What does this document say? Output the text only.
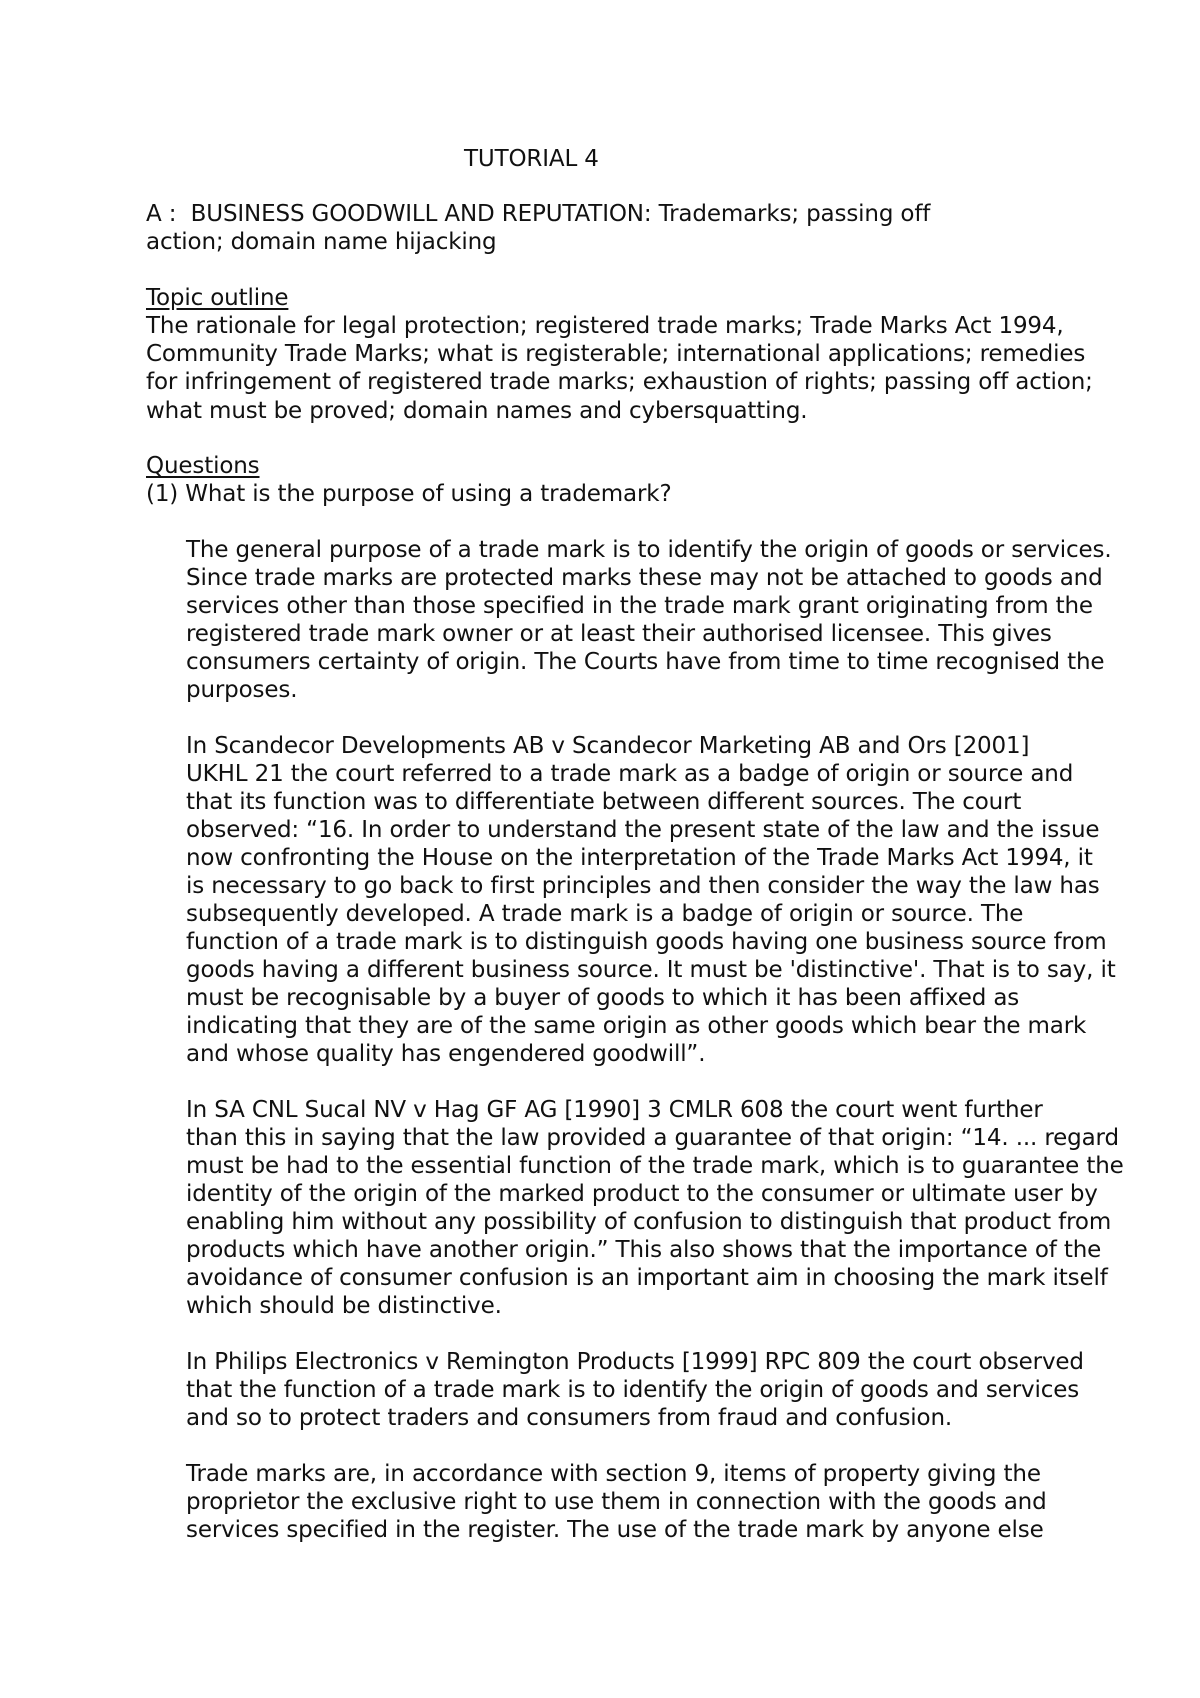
TUTORIAL 4
A :  BUSINESS GOODWILL AND REPUTATION: Trademarks; passing off
action; domain name hijacking
Topic outline
The rationale for legal protection; registered trade marks; Trade Marks Act 1994,
Community Trade Marks; what is registerable; international applications; remedies
for infringement of registered trade marks; exhaustion of rights; passing off action;
what must be proved; domain names and cybersquatting.
Questions
(1) What is the purpose of using a trademark?
The general purpose of a trade mark is to identify the origin of goods or services.
Since trade marks are protected marks these may not be attached to goods and
services other than those specified in the trade mark grant originating from the
registered trade mark owner or at least their authorised licensee. This gives
consumers certainty of origin. The Courts have from time to time recognised the
purposes.
In Scandecor Developments AB v Scandecor Marketing AB and Ors [2001]
UKHL 21 the court referred to a trade mark as a badge of origin or source and
that its function was to differentiate between different sources. The court
observed: “16. In order to understand the present state of the law and the issue
now confronting the House on the interpretation of the Trade Marks Act 1994, it
is necessary to go back to first principles and then consider the way the law has
subsequently developed. A trade mark is a badge of origin or source. The
function of a trade mark is to distinguish goods having one business source from
goods having a different business source. It must be 'distinctive'. That is to say, it
must be recognisable by a buyer of goods to which it has been affixed as
indicating that they are of the same origin as other goods which bear the mark
and whose quality has engendered goodwill”.
In SA CNL Sucal NV v Hag GF AG [1990] 3 CMLR 608 the court went further
than this in saying that the law provided a guarantee of that origin: “14. ... regard
must be had to the essential function of the trade mark, which is to guarantee the
identity of the origin of the marked product to the consumer or ultimate user by
enabling him without any possibility of confusion to distinguish that product from
products which have another origin.” This also shows that the importance of the
avoidance of consumer confusion is an important aim in choosing the mark itself
which should be distinctive.
In Philips Electronics v Remington Products [1999] RPC 809 the court observed
that the function of a trade mark is to identify the origin of goods and services
and so to protect traders and consumers from fraud and confusion.
Trade marks are, in accordance with section 9, items of property giving the
proprietor the exclusive right to use them in connection with the goods and
services specified in the register. The use of the trade mark by anyone else
